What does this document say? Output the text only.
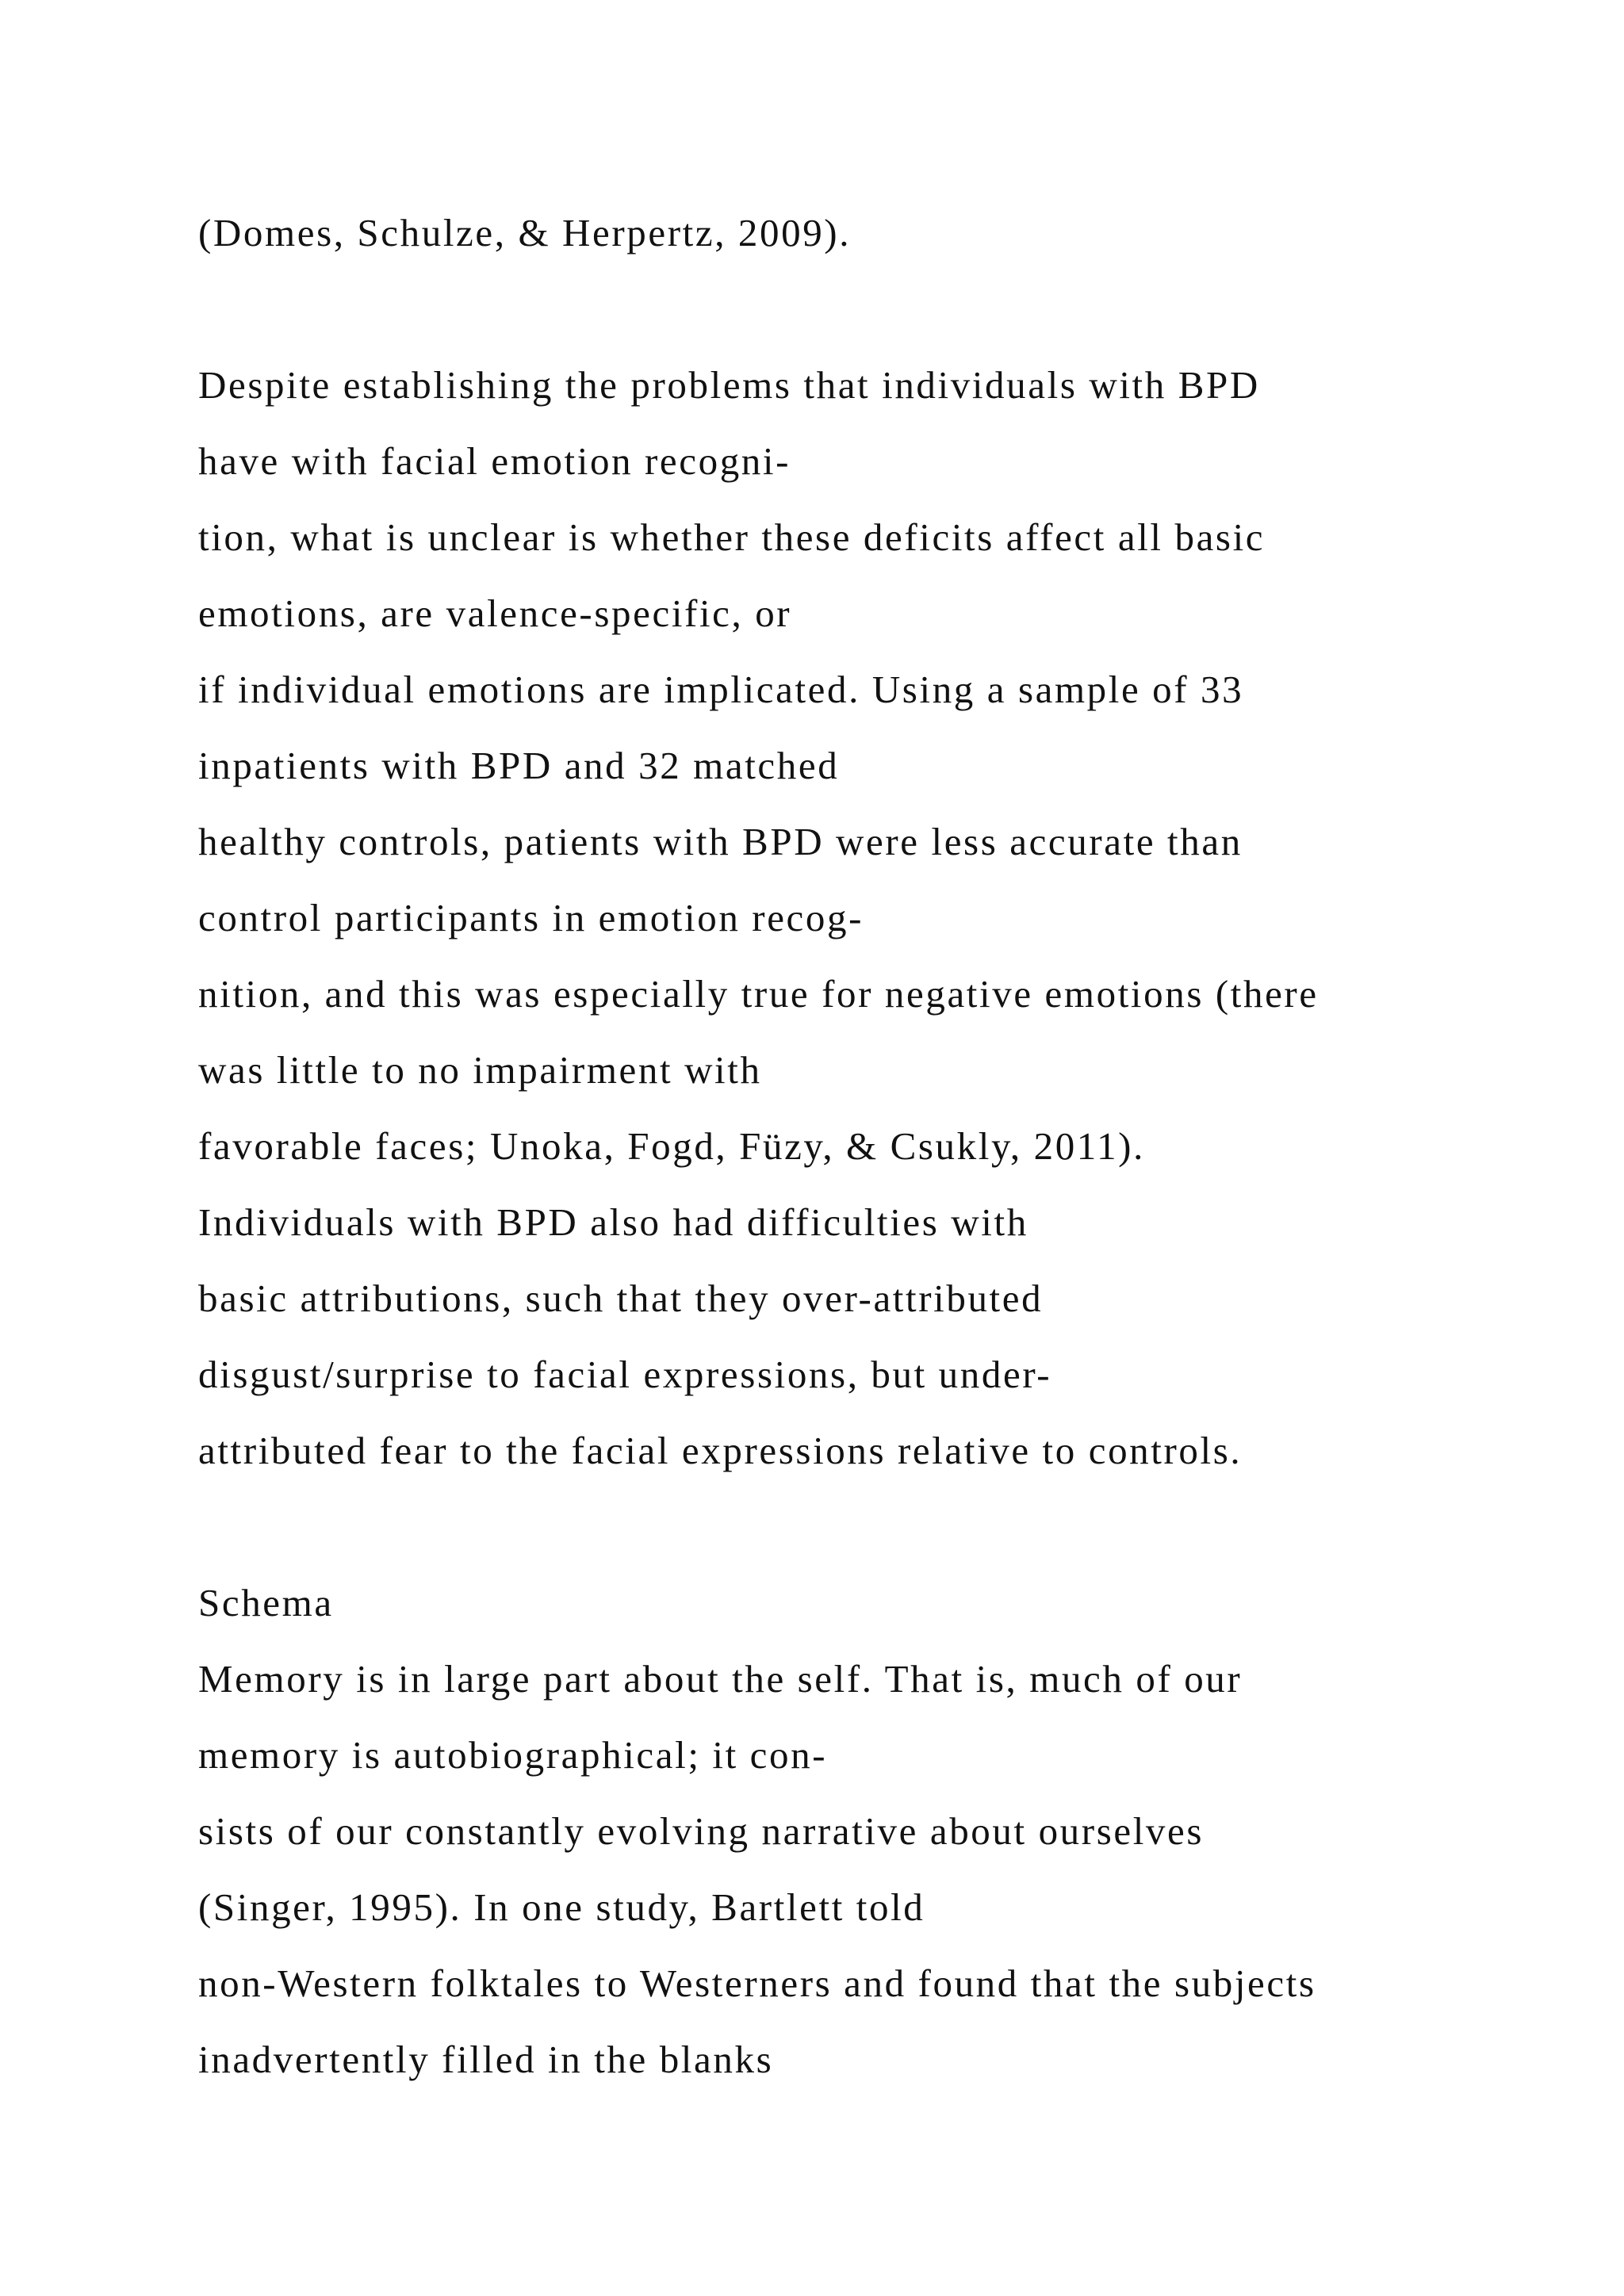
(Domes, Schulze, & Herpertz, 2009).
Despite establishing the problems that individuals with BPD
have with facial emotion recogni-
tion, what is unclear is whether these deficits affect all basic
emotions, are valence-specific, or
if individual emotions are implicated. Using a sample of 33
inpatients with BPD and 32 matched
healthy controls, patients with BPD were less accurate than
control participants in emotion recog-
nition, and this was especially true for negative emotions (there
was little to no impairment with
favorable faces; Unoka, Fogd, Füzy, & Csukly, 2011).
Individuals with BPD also had difficulties with
basic attributions, such that they over-attributed
disgust/surprise to facial expressions, but under-
attributed fear to the facial expressions relative to controls.
Schema
Memory is in large part about the self. That is, much of our
memory is autobiographical; it con-
sists of our constantly evolving narrative about ourselves
(Singer, 1995). In one study, Bartlett told
non-Western folktales to Westerners and found that the subjects
inadvertently filled in the blanks
